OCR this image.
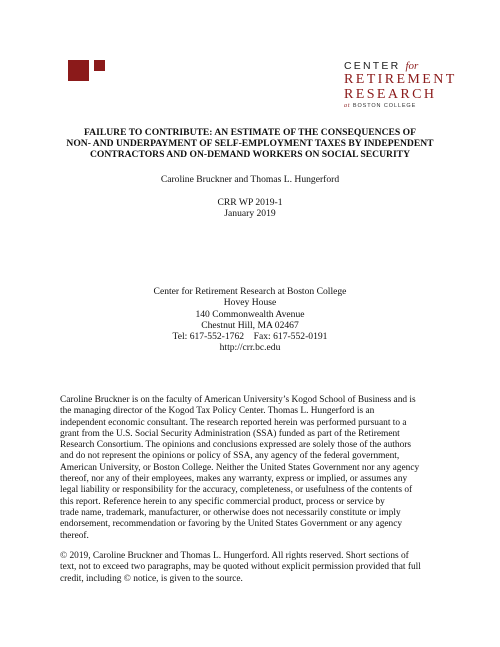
CENTER for
RETIREMENT
RESEARCH
at BOSTON COLLEGE
FAILURE TO CONTRIBUTE: AN ESTIMATE OF THE CONSEQUENCES OF
NON- AND UNDERPAYMENT OF SELF-EMPLOYMENT TAXES BY INDEPENDENT
CONTRACTORS AND ON-DEMAND WORKERS ON SOCIAL SECURITY
Caroline Bruckner and Thomas L. Hungerford
CRR WP 2019-1
January 2019
Center for Retirement Research at Boston College
Hovey House
140 Commonwealth Avenue
Chestnut Hill, MA 02467
Tel: 617-552-1762    Fax: 617-552-0191
http://crr.bc.edu
Caroline Bruckner is on the faculty of American University’s Kogod School of Business and is
the managing director of the Kogod Tax Policy Center. Thomas L. Hungerford is an
independent economic consultant. The research reported herein was performed pursuant to a
grant from the U.S. Social Security Administration (SSA) funded as part of the Retirement
Research Consortium. The opinions and conclusions expressed are solely those of the authors
and do not represent the opinions or policy of SSA, any agency of the federal government,
American University, or Boston College. Neither the United States Government nor any agency
thereof, nor any of their employees, makes any warranty, express or implied, or assumes any
legal liability or responsibility for the accuracy, completeness, or usefulness of the contents of
this report. Reference herein to any specific commercial product, process or service by
trade name, trademark, manufacturer, or otherwise does not necessarily constitute or imply
endorsement, recommendation or favoring by the United States Government or any agency
thereof.
© 2019, Caroline Bruckner and Thomas L. Hungerford. All rights reserved. Short sections of
text, not to exceed two paragraphs, may be quoted without explicit permission provided that full
credit, including © notice, is given to the source.
